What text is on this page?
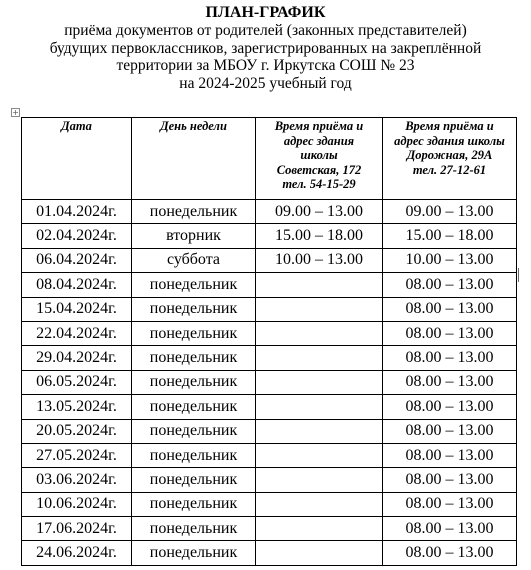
ПЛАН-ГРАФИК

приёма документов от родителей (законных представителей)

будущих первоклассников, зарегистрированных на закреплённой

территории за МБОУ г. Иркутска СОШ № 23

на 2024-2025 учебный год

+
Дата	День недели	Время приёма и
адрес здания
школы
Советская, 172
тел. 54-15-29	Время приёма и
адрес здания школы
Дорожная, 29А
тел. 27-12-61

01.04.2024г.	понедельник	09.00 – 13.00	09.00 – 13.00
02.04.2024г.	вторник	15.00 – 18.00	15.00 – 18.00
06.04.2024г.	суббота	10.00 – 13.00	10.00 – 13.00
08.04.2024г.	понедельник		08.00 – 13.00
15.04.2024г.	понедельник		08.00 – 13.00
22.04.2024г.	понедельник		08.00 – 13.00
29.04.2024г.	понедельник		08.00 – 13.00
06.05.2024г.	понедельник		08.00 – 13.00
13.05.2024г.	понедельник		08.00 – 13.00
20.05.2024г.	понедельник		08.00 – 13.00
27.05.2024г.	понедельник		08.00 – 13.00
03.06.2024г.	понедельник		08.00 – 13.00
10.06.2024г.	понедельник		08.00 – 13.00
17.06.2024г.	понедельник		08.00 – 13.00
24.06.2024г.	понедельник		08.00 – 13.00
